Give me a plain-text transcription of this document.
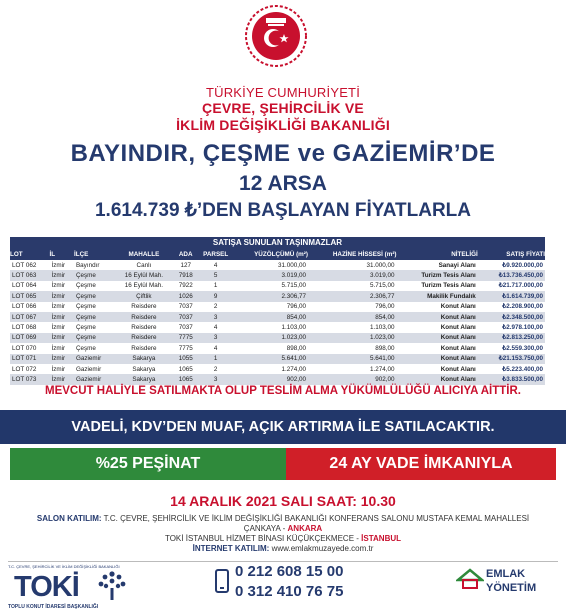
TÜRKİYE CUMHURİYETİ
ÇEVRE, ŞEHİRCİLİK VE
İKLİM DEĞİŞİKLİĞİ BAKANLIĞI
BAYINDIR, ÇEŞME ve GAZİEMİR’DE
12 ARSA
1.614.739 ₺’DEN BAŞLAYAN FİYATLARLA
SATIŞA SUNULAN TAŞINMAZLAR
LOT	İL	İLÇE	MAHALLE	ADA	PARSEL	YÜZÖLÇÜMÜ (m²)	HAZİNE HİSSESİ (m²)	NİTELİĞİ	SATIŞ FİYATI
LOT 062	İzmir	Bayındır	Canlı	127	4	31.000,00	31.000,00	Sanayi Alanı	₺9.920.000,00
LOT 063	İzmir	Çeşme	16 Eylül Mah.	7918	5	3.019,00	3.019,00	Turizm Tesis Alanı	₺13.736.450,00
LOT 064	İzmir	Çeşme	16 Eylül Mah.	7922	1	5.715,00	5.715,00	Turizm Tesis Alanı	₺21.717.000,00
LOT 065	İzmir	Çeşme	Çiftlik	1026	9	2.306,77	2.306,77	Makilik Fundalık	₺1.614.739,00
LOT 066	İzmir	Çeşme	Reisdere	7037	2	796,00	796,00	Konut Alanı	₺2.208.900,00
LOT 067	İzmir	Çeşme	Reisdere	7037	3	854,00	854,00	Konut Alanı	₺2.348.500,00
LOT 068	İzmir	Çeşme	Reisdere	7037	4	1.103,00	1.103,00	Konut Alanı	₺2.978.100,00
LOT 069	İzmir	Çeşme	Reisdere	7775	3	1.023,00	1.023,00	Konut Alanı	₺2.813.250,00
LOT 070	İzmir	Çeşme	Reisdere	7775	4	898,00	898,00	Konut Alanı	₺2.559.300,00
LOT 071	İzmir	Gaziemir	Sakarya	1055	1	5.641,00	5.641,00	Konut Alanı	₺21.153.750,00
LOT 072	İzmir	Gaziemir	Sakarya	1065	2	1.274,00	1.274,00	Konut Alanı	₺5.223.400,00
LOT 073	İzmir	Gaziemir	Sakarya	1065	3	902,00	902,00	Konut Alanı	₺3.833.500,00
MEVCUT HALİYLE SATILMAKTA OLUP TESLİM ALMA YÜKÜMLÜLÜĞÜ ALICIYA AİTTİR.
VADELİ, KDV’DEN MUAF, AÇIK ARTIRMA İLE SATILACAKTIR.
%25 PEŞİNAT	24 AY VADE İMKANIYLA
14 ARALIK 2021 SALI SAAT: 10.30
SALON KATILIM: T.C. ÇEVRE, ŞEHİRCİLİK VE İKLİM DEĞİŞİKLİĞİ BAKANLIĞI KONFERANS SALONU MUSTAFA KEMAL MAHALLESİ
ÇANKAYA - ANKARA
TOKİ İSTANBUL HİZMET BİNASI KÜÇÜKÇEKMECE - İSTANBUL
İNTERNET KATILIM: www.emlakmuzayede.com.tr
T.C. ÇEVRE, ŞEHİRCİLİK VE İKLİM DEĞİŞİKLİĞİ BAKANLIĞI
TOKİ
TOPLU KONUT İDARESİ BAŞKANLIĞI
0 212 608 15 00
0 312 410 76 75
EMLAK
YÖNETİM
